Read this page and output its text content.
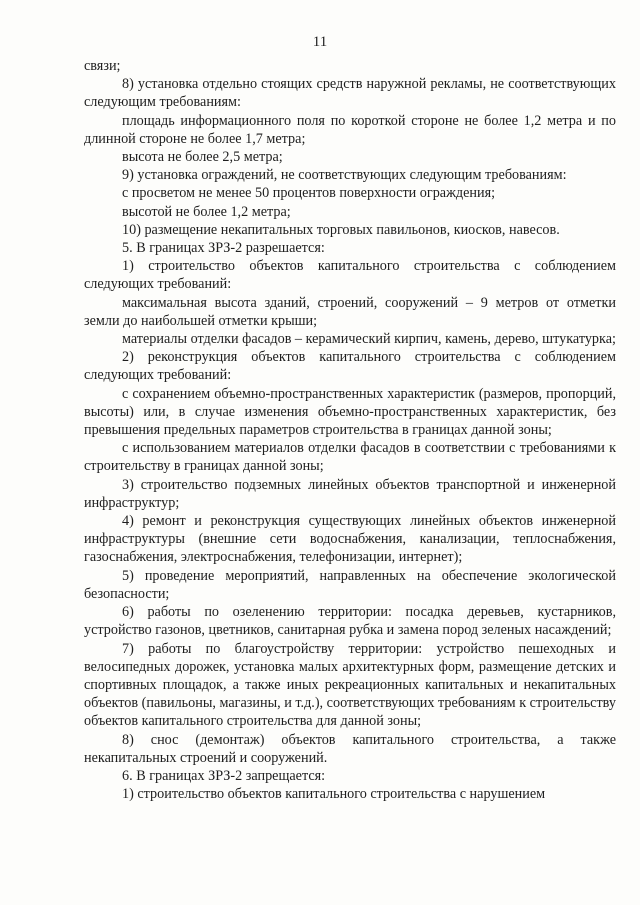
11

связи;

8) установка отдельно стоящих средств наружной рекламы, не соответствующих следующим требованиям:

площадь информационного поля по короткой стороне не более 1,2 метра и по длинной стороне не более 1,7 метра;

высота не более 2,5 метра;

9) установка ограждений, не соответствующих следующим требованиям:

с просветом не менее 50 процентов поверхности ограждения;

высотой не более 1,2 метра;

10) размещение некапитальных торговых павильонов, киосков, навесов.

5. В границах ЗРЗ-2 разрешается:

1) строительство объектов капитального строительства с соблюдением следующих требований:

максимальная высота зданий, строений, сооружений – 9 метров от отметки земли до наибольшей отметки крыши;

материалы отделки фасадов – керамический кирпич, камень, дерево, штукатурка;

2) реконструкция объектов капитального строительства с соблюдением следующих требований:

с сохранением объемно-пространственных характеристик (размеров, пропорций, высоты) или, в случае изменения объемно-пространственных характеристик, без превышения предельных параметров строительства в границах данной зоны;

с использованием материалов отделки фасадов в соответствии с требованиями к строительству в границах данной зоны;

3) строительство подземных линейных объектов транспортной и инженерной инфраструктур;

4) ремонт и реконструкция существующих линейных объектов инженерной инфраструктуры (внешние сети водоснабжения, канализации, теплоснабжения, газоснабжения, электроснабжения, телефонизации, интернет);

5) проведение мероприятий, направленных на обеспечение экологической безопасности;

6) работы по озеленению территории: посадка деревьев, кустарников, устройство газонов, цветников, санитарная рубка и замена пород зеленых насаждений;

7) работы по благоустройству территории: устройство пешеходных и велосипедных дорожек, установка малых архитектурных форм, размещение детских и спортивных площадок, а также иных рекреационных капитальных и некапитальных объектов (павильоны, магазины, и т.д.), соответствующих требованиям к строительству объектов капитального строительства для данной зоны;

8) снос (демонтаж) объектов капитального строительства, а также некапитальных строений и сооружений.

6. В границах ЗРЗ-2 запрещается:

1) строительство объектов капитального строительства с нарушением
